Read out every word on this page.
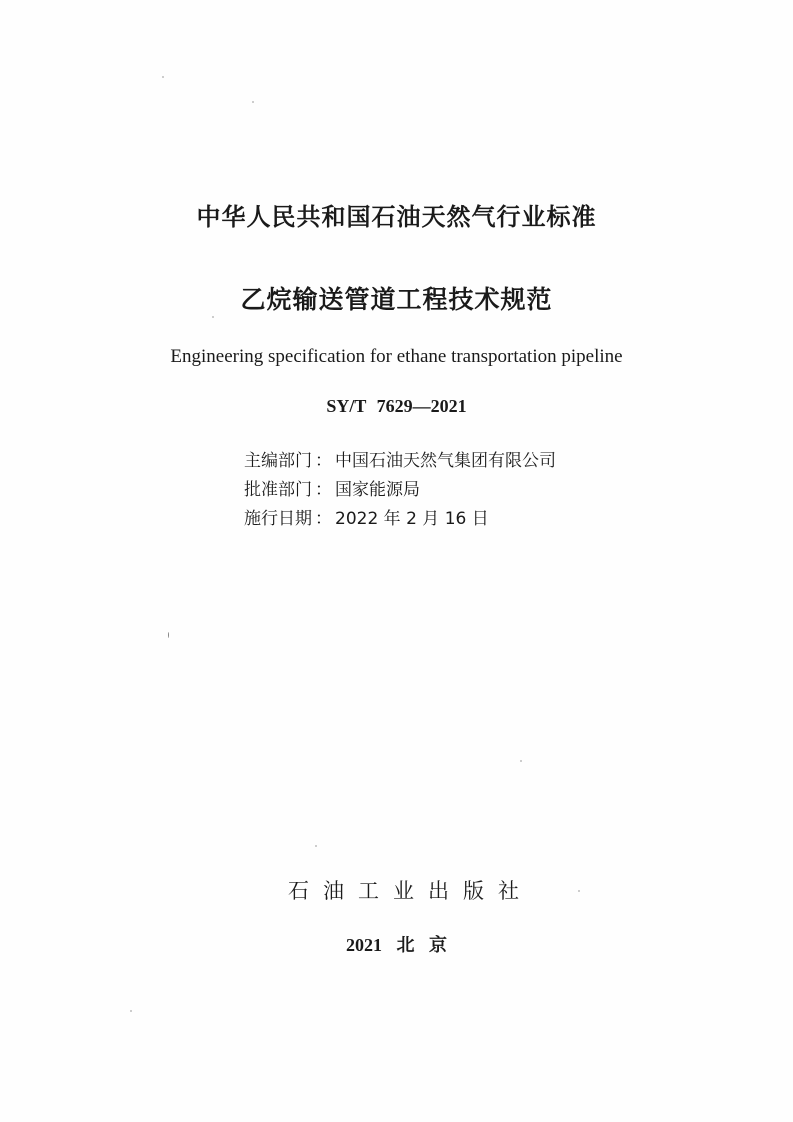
中华人民共和国石油天然气行业标准
乙烷输送管道工程技术规范
Engineering specification for ethane transportation pipeline
SY/T 7629—2021
主编部门 ： 中国石油天然气集团有限公司
批准部门 ： 国家能源局
施行日期 ： 2022 年 2 月 16 日
石油工业出版社
2021 北 京
